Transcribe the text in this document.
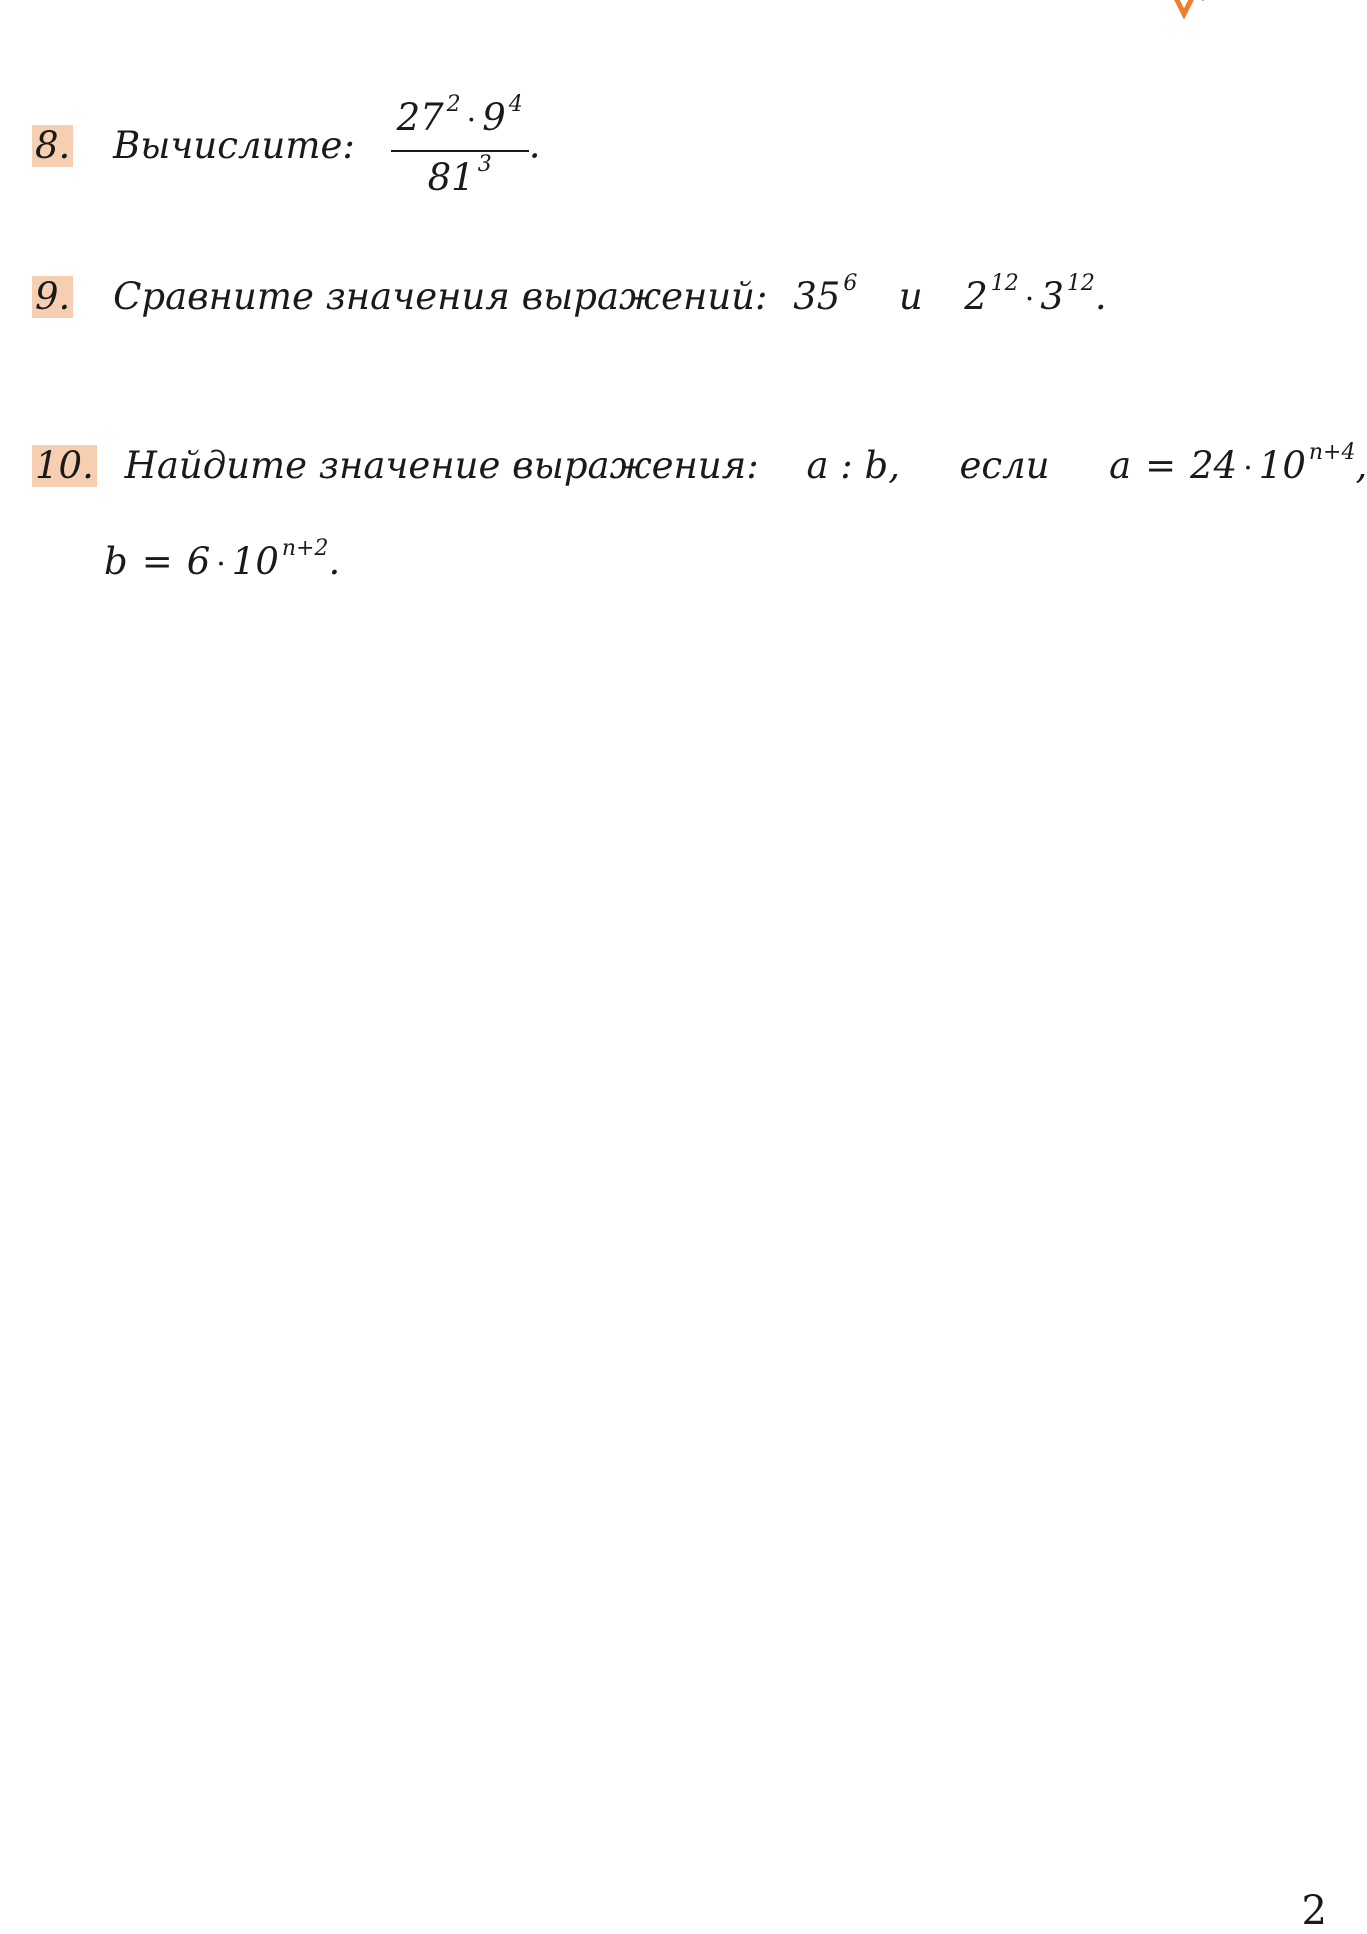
8. Вычислите: $\frac{27 ^2 \cdot 9 ^4}{81 ^3}$ .
9. Сравните значения выражений: 35 $^6$ и 2 $^{12}$ · 3 $^{12}$.
10. Найдите значение выражения: a : b, если a = 24 · 10 $^{n+4}$,
b = 6 · 10 $^{n+2}$.
2
